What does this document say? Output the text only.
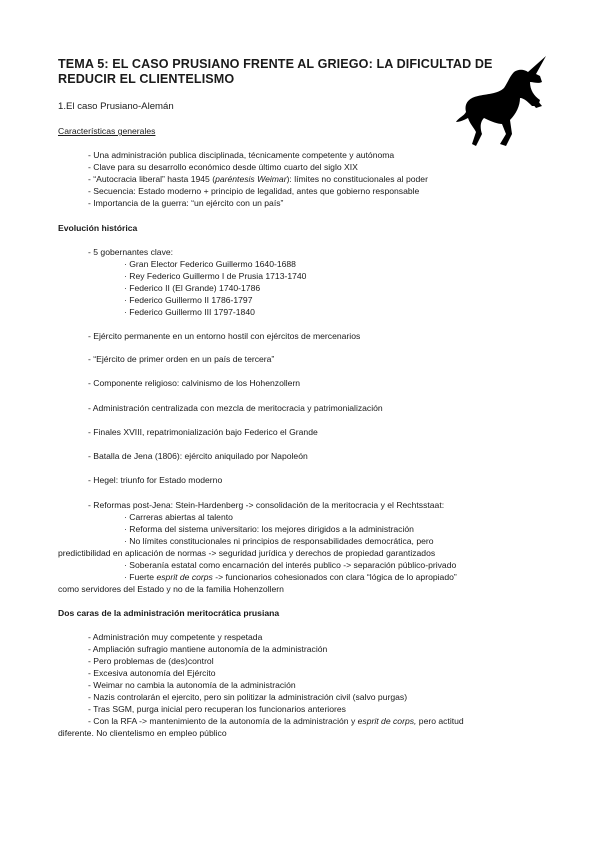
TEMA 5: EL CASO PRUSIANO FRENTE AL GRIEGO: LA DIFICULTAD DE REDUCIR EL CLIENTELISMO
1.El caso Prusiano-Alemán
Características generales
- Una administración publica disciplinada, técnicamente competente y autónoma
- Clave para su desarrollo económico desde último cuarto del siglo XIX
- “Autocracia liberal” hasta 1945 (paréntesis Weimar): límites no constitucionales al poder
- Secuencia: Estado moderno + principio de legalidad, antes que gobierno responsable
- Importancia de la guerra: “un ejército con un país”
Evolución histórica
- 5 gobernantes clave:
· Gran Elector Federico Guillermo 1640-1688
· Rey Federico Guillermo I de Prusia 1713-1740
· Federico II (El Grande) 1740-1786
· Federico Guillermo II 1786-1797
· Federico Guillermo III 1797-1840
- Ejército permanente en un entorno hostil con ejércitos de mercenarios
- “Ejército de primer orden en un país de tercera”
- Componente religioso: calvinismo de los Hohenzollern
- Administración centralizada con mezcla de meritocracia y patrimonialización
- Finales XVIII, repatrimonialización bajo Federico el Grande
- Batalla de Jena (1806): ejército aniquilado por Napoleón
- Hegel: triunfo for Estado moderno
- Reformas post-Jena: Stein-Hardenberg -> consolidación de la meritocracia y el Rechtsstaat:
· Carreras abiertas al talento
· Reforma del sistema universitario: los mejores dirigidos a la administración
· No límites constitucionales ni principios de responsabilidades democrática, pero
predictibilidad en aplicación de normas -> seguridad jurídica y derechos de propiedad garantizados
· Soberanía estatal como encarnación del interés publico -> separación público-privado
· Fuerte esprit de corps -> funcionarios cohesionados con clara “lógica de lo apropiado”
como servidores del Estado y no de la familia Hohenzollern
Dos caras de la administración meritocrática prusiana
- Administración muy competente y respetada
- Ampliación sufragio mantiene autonomía de la administración
- Pero problemas de (des)control
- Excesiva autonomía del Ejército
- Weimar no cambia la autonomía de la administración
- Nazis controlarán el ejercito, pero sin politizar la administración civil (salvo purgas)
- Tras SGM, purga inicial pero recuperan los funcionarios anteriores
- Con la RFA -> mantenimiento de la autonomía de la administración y esprit de corps, pero actitud
diferente. No clientelismo en empleo público
